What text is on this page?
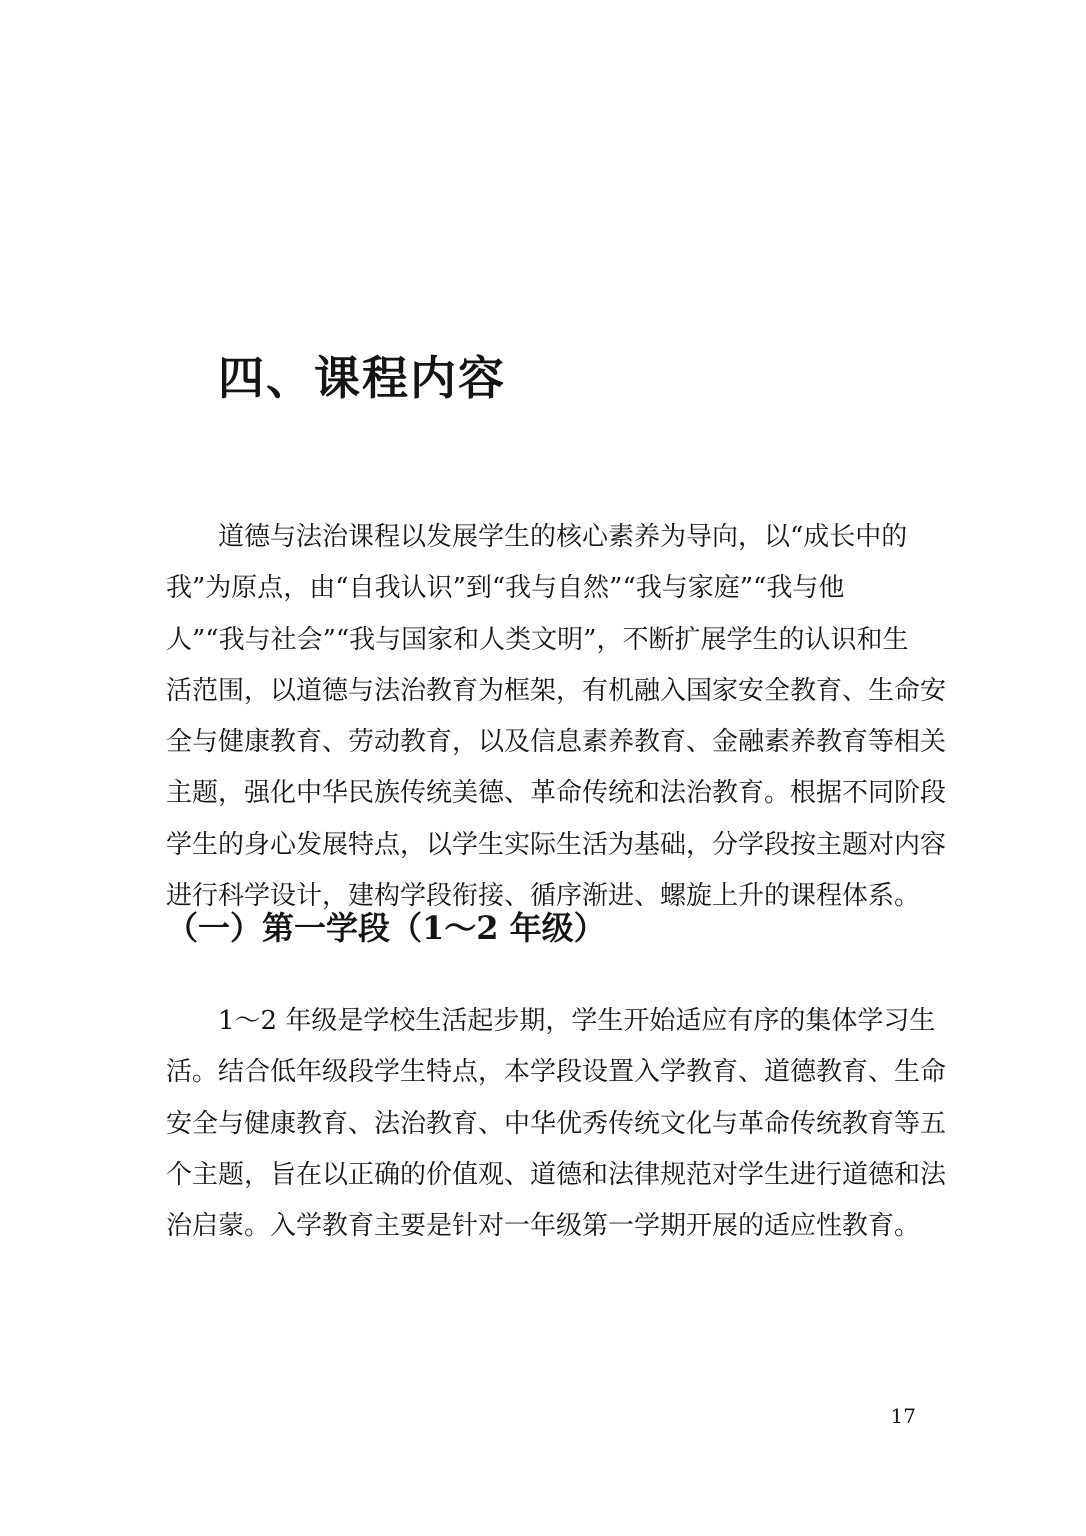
四、课程内容
道德与法治课程以发展学生的核心素养为导向，以“成长中的
我”为原点，由“自我认识”到“我与自然”“我与家庭”“我与他
人”“我与社会”“我与国家和人类文明”，不断扩展学生的认识和生
活范围，以道德与法治教育为框架，有机融入国家安全教育、生命安
全与健康教育、劳动教育，以及信息素养教育、金融素养教育等相关
主题，强化中华民族传统美德、革命传统和法治教育。根据不同阶段
学生的身心发展特点，以学生实际生活为基础，分学段按主题对内容
进行科学设计，建构学段衔接、循序渐进、螺旋上升的课程体系。
（一）第一学段（1～2 年级）
1～2 年级是学校生活起步期，学生开始适应有序的集体学习生
活。结合低年级段学生特点，本学段设置入学教育、道德教育、生命
安全与健康教育、法治教育、中华优秀传统文化与革命传统教育等五
个主题，旨在以正确的价值观、道德和法律规范对学生进行道德和法
治启蒙。入学教育主要是针对一年级第一学期开展的适应性教育。
17
